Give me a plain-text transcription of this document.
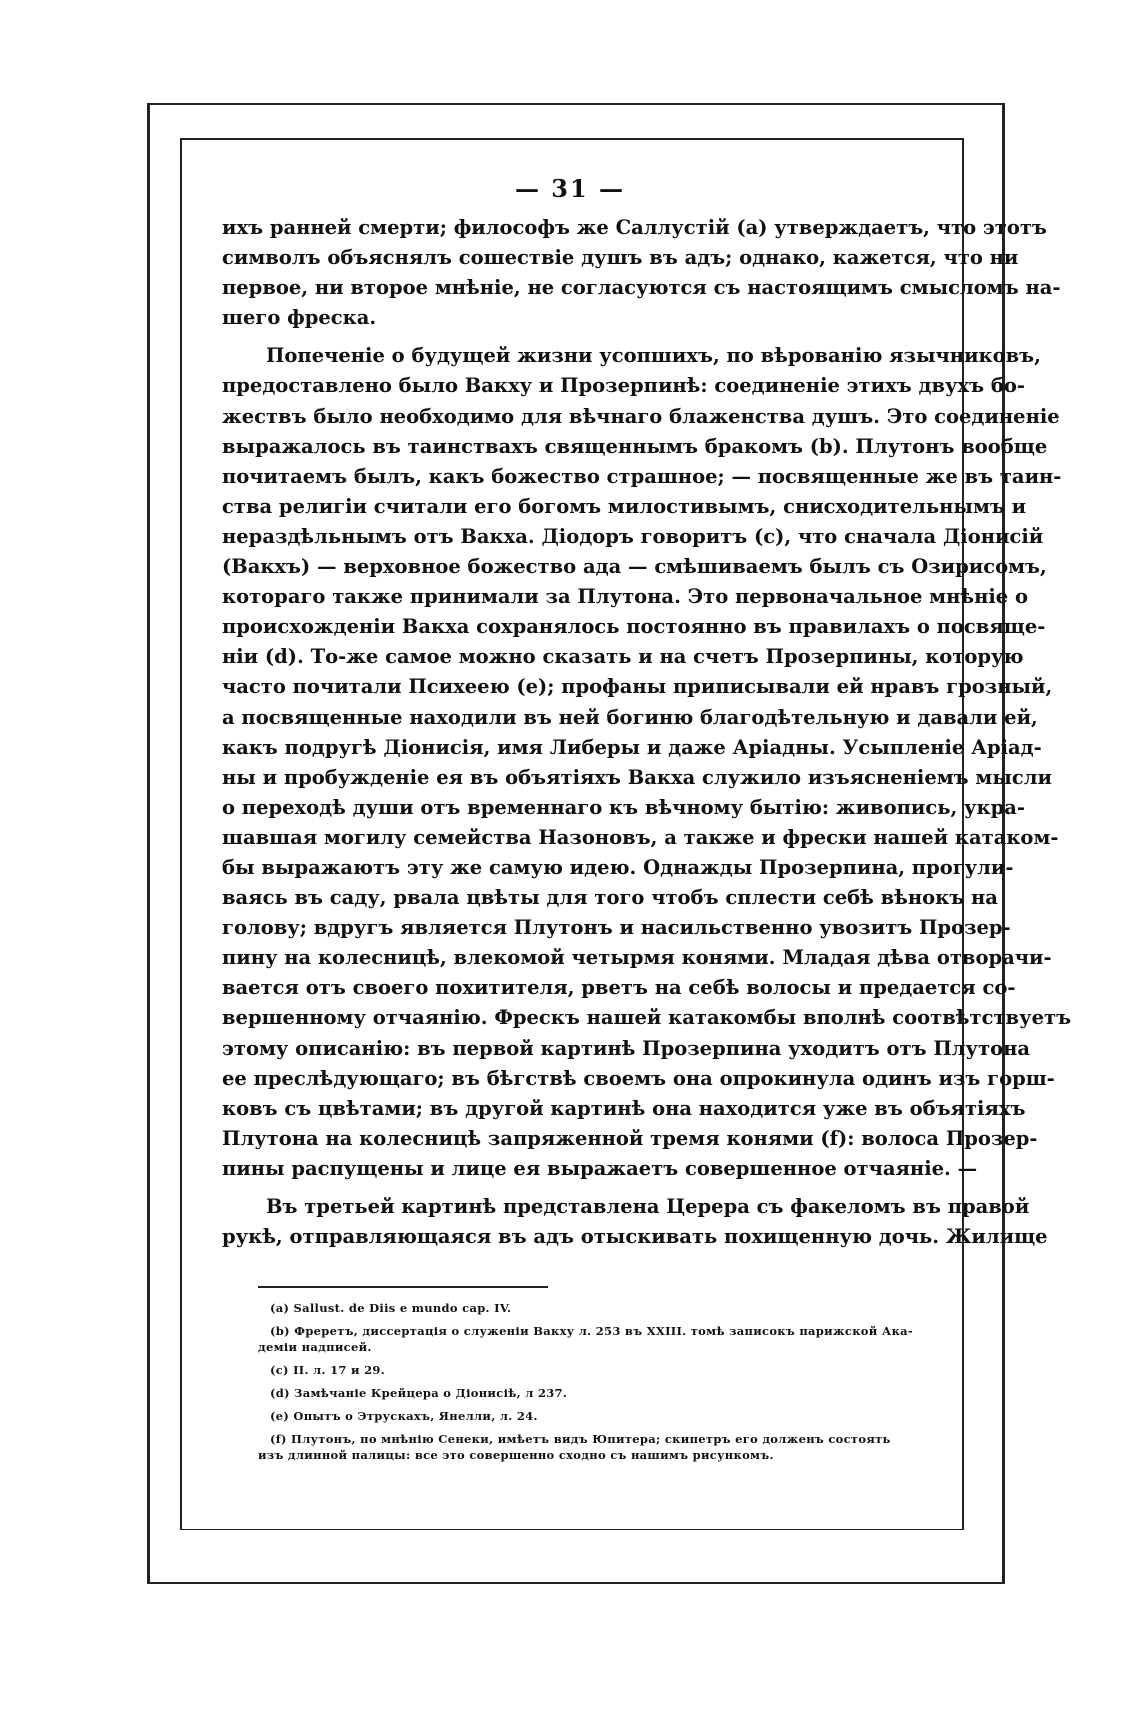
— 31 —
ихъ ранней смерти; философъ же Саллустій (а) утверждаетъ, что этотъ
символъ объяснялъ сошествіе душъ въ адъ; однако, кажется, что ни
первое, ни второе мнѣніе, не согласуются съ настоящимъ смысломъ на-
шего фреска.
Попеченіе о будущей жизни усопшихъ, по вѣрованію язычниковъ,
предоставлено было Вакху и Прозерпинѣ: соединеніе этихъ двухъ бо-
жествъ было необходимо для вѣчнаго блаженства душъ. Это соединеніе
выражалось въ таинствахъ священнымъ бракомъ (b). Плутонъ вообще
почитаемъ былъ, какъ божество страшное; — посвященные же въ таин-
ства религіи считали его богомъ милостивымъ, снисходительнымъ и
нераздѣльнымъ отъ Вакха. Діодоръ говоритъ (с), что сначала Діонисій
(Вакхъ) — верховное божество ада — смѣшиваемъ былъ съ Озирисомъ,
котораго также принимали за Плутона. Это первоначальное мнѣніе о
происхожденіи Вакха сохранялось постоянно въ правилахъ о посвяще-
ніи (d). То-же самое можно сказать и на счетъ Прозерпины, которую
часто почитали Психеею (е); профаны приписывали ей нравъ грозный,
а посвященные находили въ ней богиню благодѣтельную и давали ей,
какъ подругѣ Діонисія, имя Либеры и даже Аріадны. Усыпленіе Аріад-
ны и пробужденіе ея въ объятіяхъ Вакха служило изъясненіемъ мысли
о переходѣ души отъ временнаго къ вѣчному бытію: живопись, укра-
шавшая могилу семейства Назоновъ, а также и фрески нашей катаком-
бы выражаютъ эту же самую идею. Однажды Прозерпина, прогули-
ваясь въ саду, рвала цвѣты для того чтобъ сплести себѣ вѣнокъ на
голову; вдругъ является Плутонъ и насильственно увозитъ Прозер-
пину на колесницѣ, влекомой четырмя конями. Младая дѣва отворачи-
вается отъ своего похитителя, рветъ на себѣ волосы и предается со-
вершенному отчаянію. Фрескъ нашей катакомбы вполнѣ соотвѣтствуетъ
этому описанію: въ первой картинѣ Прозерпина уходитъ отъ Плутона
ее преслѣдующаго; въ бѣгствѣ своемъ она опрокинула одинъ изъ горш-
ковъ съ цвѣтами; въ другой картинѣ она находится уже въ объятіяхъ
Плутона на колесницѣ запряженной тремя конями (f): волоса Прозер-
пины распущены и лице ея выражаетъ совершенное отчаяніе. —
Въ третьей картинѣ представлена Церера съ факеломъ въ правой
рукѣ, отправляющаяся въ адъ отыскивать похищенную дочь. Жилище
(a) Sallust. de Diis e mundo cap. IV.
(b) Фреретъ, диссертація о служеніи Вакху л. 253 въ XXIII. томѣ записокъ парижской Ака-
деміи надписей.
(c) II. л. 17 и 29.
(d) Замѣчаніе Крейцера о Діонисіѣ, л 237.
(e) Опытъ о Этрускахъ, Янелли, л. 24.
(f) Плутонъ, по мнѣнію Сенеки, имѣетъ видъ Юпитера; скипетръ его долженъ состоять
изъ длинной палицы: все это совершенно сходно съ нашимъ рисункомъ.
